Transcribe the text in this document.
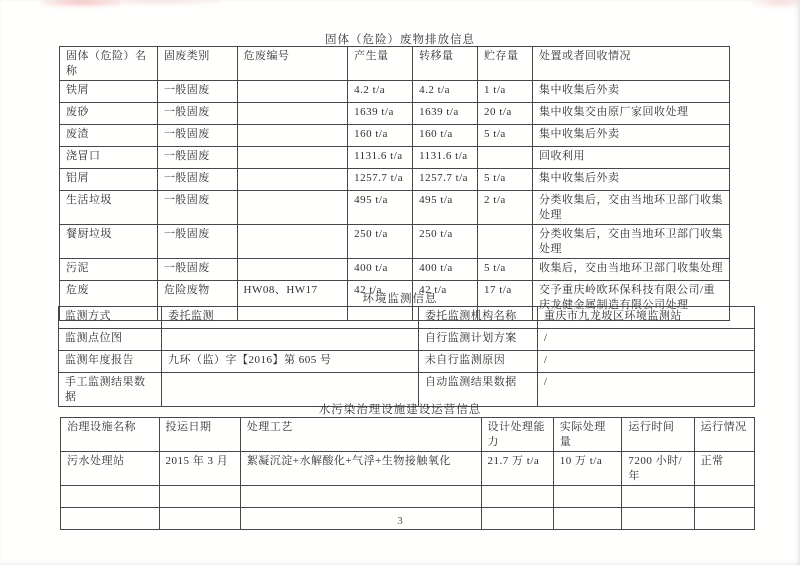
固体（危险）废物排放信息
固体（危险）名称	固废类别	危废编号	产生量	转移量	贮存量	处置或者回收情况
铁屑	一般固废		4.2 t/a	4.2 t/a	1 t/a	集中收集后外卖
废砂	一般固废		1639 t/a	1639 t/a	20 t/a	集中收集交由原厂家回收处理
废渣	一般固废		160 t/a	160 t/a	5 t/a	集中收集后外卖
浇冒口	一般固废		1131.6 t/a	1131.6 t/a		回收利用
铝屑	一般固废		1257.7 t/a	1257.7 t/a	5 t/a	集中收集后外卖
生活垃圾	一般固废		495 t/a	495 t/a	2 t/a	分类收集后，交由当地环卫部门收集处理
餐厨垃圾	一般固废		250 t/a	250 t/a		分类收集后，交由当地环卫部门收集处理
污泥	一般固废		400 t/a	400 t/a	5 t/a	收集后，交由当地环卫部门收集处理
危废	危险废物	HW08、HW17	42 t/a	42 t/a	17 t/a	交予重庆岭欧环保科技有限公司/重庆龙健金属制造有限公司处理
环境监测信息
监测方式	委托监测	委托监测机构名称	重庆市九龙坡区环境监测站
监测点位图		自行监测计划方案	/
监测年度报告	九环（监）字【2016】第 605 号	未自行监测原因	/
手工监测结果数据		自动监测结果数据	/
水污染治理设施建设运营信息
治理设施名称	投运日期	处理工艺	设计处理能力	实际处理量	运行时间	运行情况
污水处理站	2015 年 3 月	絮凝沉淀+水解酸化+气浮+生物接触氧化	21.7 万 t/a	10 万 t/a	7200 小时/年	正常

3
